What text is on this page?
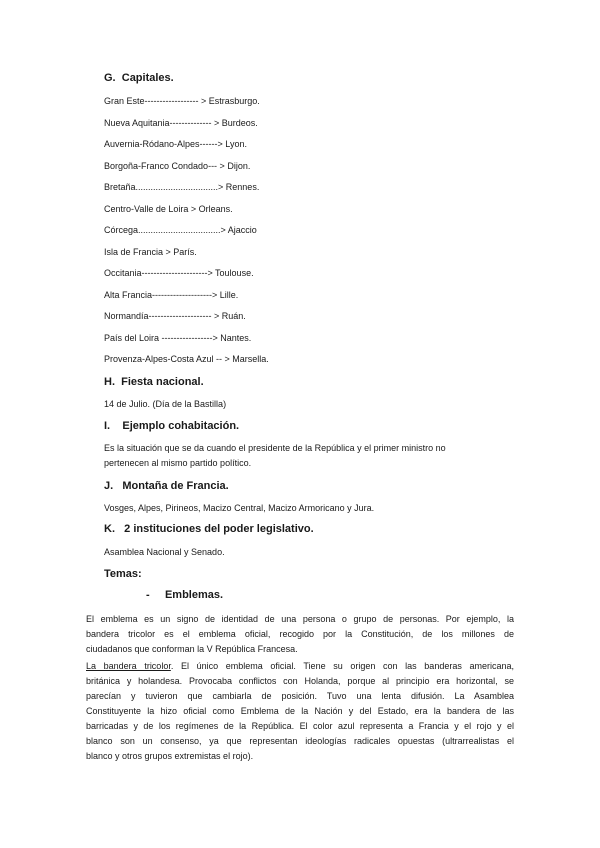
G. Capitales.
Gran Este------------------ > Estrasburgo.
Nueva Aquitania-------------- > Burdeos.
Auvernia-Ródano-Alpes------> Lyon.
Borgoña-Franco Condado--- > Dijon.
Bretaña.................................> Rennes.
Centro-Valle de Loira > Orleans.
Córcega.................................> Ajaccio
Isla de Francia > París.
Occitania----------------------> Toulouse.
Alta Francia--------------------> Lille.
Normandía--------------------- > Ruán.
País del Loira -----------------> Nantes.
Provenza-Alpes-Costa Azul -- > Marsella.
H. Fiesta nacional.
14 de Julio. (Día de la Bastilla)
I. Ejemplo cohabitación.
Es la situación que se da cuando el presidente de la República y el primer ministro no
pertenecen al mismo partido político.
J. Montaña de Francia.
Vosges, Alpes, Pirineos, Macizo Central, Macizo Armoricano y Jura.
K. 2 instituciones del poder legislativo.
Asamblea Nacional y Senado.
Temas:
- Emblemas.
El emblema es un signo de identidad de una persona o grupo de personas. Por ejemplo, la
bandera tricolor es el emblema oficial, recogido por la Constitución, de los millones de
ciudadanos que conforman la V República Francesa.
La bandera tricolor. El único emblema oficial. Tiene su origen con las banderas americana,
británica y holandesa. Provocaba conflictos con Holanda, porque al principio era horizontal, se
parecían y tuvieron que cambiarla de posición. Tuvo una lenta difusión. La Asamblea
Constituyente la hizo oficial como Emblema de la Nación y del Estado, era la bandera de las
barricadas y de los regímenes de la República. El color azul representa a Francia y el rojo y el
blanco son un consenso, ya que representan ideologías radicales opuestas (ultrarrealistas el
blanco y otros grupos extremistas el rojo).
